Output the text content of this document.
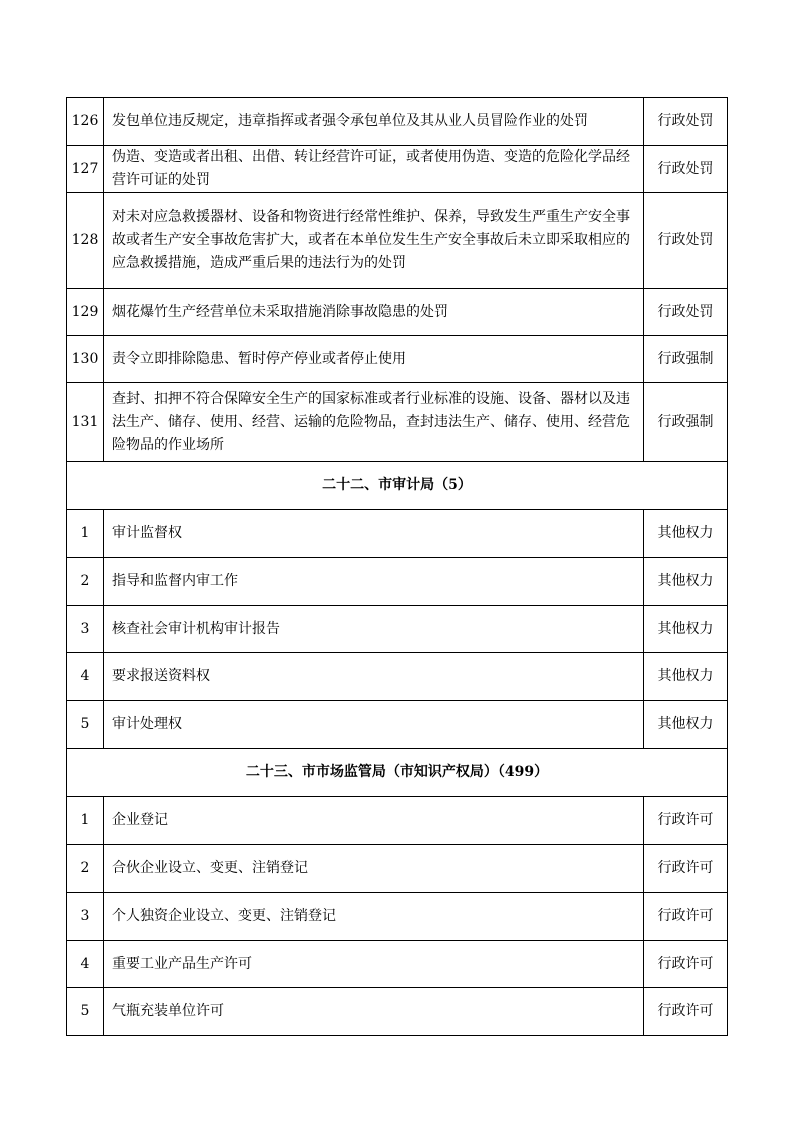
126	发包单位违反规定，违章指挥或者强令承包单位及其从业人员冒险作业的处罚	行政处罚
127	伪造、变造或者出租、出借、转让经营许可证，或者使用伪造、变造的危险化学品经营许可证的处罚	行政处罚
128	对未对应急救援器材、设备和物资进行经常性维护、保养，导致发生严重生产安全事故或者生产安全事故危害扩大，或者在本单位发生生产安全事故后未立即采取相应的应急救援措施，造成严重后果的违法行为的处罚	行政处罚
129	烟花爆竹生产经营单位未采取措施消除事故隐患的处罚	行政处罚
130	责令立即排除隐患、暂时停产停业或者停止使用	行政强制
131	查封、扣押不符合保障安全生产的国家标准或者行业标准的设施、设备、器材以及违法生产、储存、使用、经营、运输的危险物品，查封违法生产、储存、使用、经营危险物品的作业场所	行政强制
二十二、市审计局（5）		
1	审计监督权	其他权力
2	指导和监督内审工作	其他权力
3	核查社会审计机构审计报告	其他权力
4	要求报送资料权	其他权力
5	审计处理权	其他权力
二十三、市市场监管局（市知识产权局）（499）		
1	企业登记	行政许可
2	合伙企业设立、变更、注销登记	行政许可
3	个人独资企业设立、变更、注销登记	行政许可
4	重要工业产品生产许可	行政许可
5	气瓶充装单位许可	行政许可
